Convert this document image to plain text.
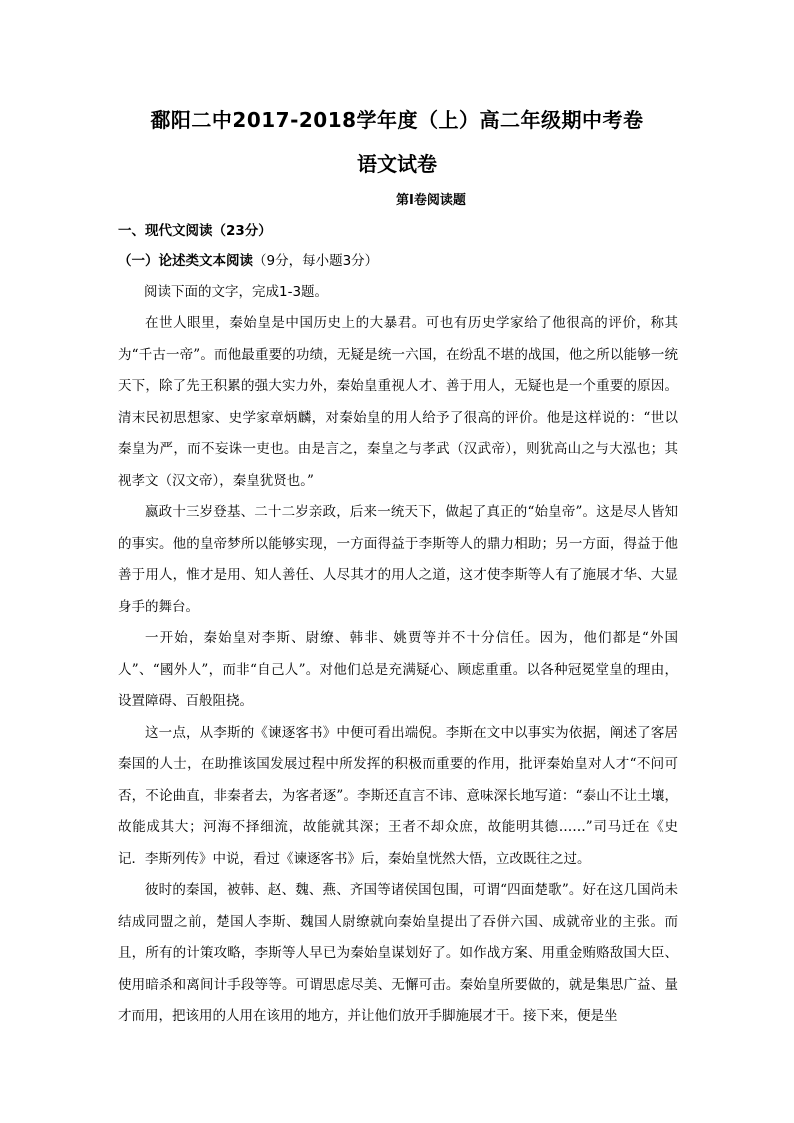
鄱阳二中2017-2018学年度（上）高二年级期中考卷
语文试卷
第Ⅰ卷阅读题
一、现代文阅读（23分）
（一）论述类文本阅读（9分，每小题3分）
阅读下面的文字，完成1-3题。

在世人眼里，秦始皇是中国历史上的大暴君。可也有历史学家给了他很高的评价，称其为“千古一帝”。而他最重要的功绩，无疑是统一六国，在纷乱不堪的战国，他之所以能够一统天下，除了先王积累的强大实力外，秦始皇重视人才、善于用人，无疑也是一个重要的原因。清末民初思想家、史学家章炳麟，对秦始皇的用人给予了很高的评价。他是这样说的：“世以秦皇为严，而不妄诛一吏也。由是言之，秦皇之与孝武（汉武帝），则犹高山之与大泓也；其视孝文（汉文帝），秦皇犹贤也。”

嬴政十三岁登基、二十二岁亲政，后来一统天下，做起了真正的“始皇帝”。这是尽人皆知的事实。他的皇帝梦所以能够实现，一方面得益于李斯等人的鼎力相助；另一方面，得益于他善于用人，惟才是用、知人善任、人尽其才的用人之道，这才使李斯等人有了施展才华、大显身手的舞台。

一开始，秦始皇对李斯、尉缭、韩非、姚贾等并不十分信任。因为，他们都是“外国人”、“國外人”，而非“自己人”。对他们总是充满疑心、顾虑重重。以各种冠冕堂皇的理由，设置障碍、百般阻挠。

这一点，从李斯的《谏逐客书》中便可看出端倪。李斯在文中以事实为依据，阐述了客居秦国的人士，在助推该国发展过程中所发挥的积极而重要的作用，批评秦始皇对人才“不问可否，不论曲直，非秦者去，为客者逐”。李斯还直言不讳、意味深长地写道：“泰山不让土壤，故能成其大；河海不择细流，故能就其深；王者不却众庶，故能明其德……”司马迁在《史记．李斯列传》中说，看过《谏逐客书》后，秦始皇恍然大悟，立改既往之过。

彼时的秦国，被韩、赵、魏、燕、齐国等诸侯国包围，可谓“四面楚歌”。好在这几国尚未结成同盟之前，楚国人李斯、魏国人尉缭就向秦始皇提出了吞併六国、成就帝业的主张。而且，所有的计策攻略，李斯等人早已为秦始皇谋划好了。如作战方案、用重金贿赂敌国大臣、使用暗杀和离间计手段等等。可谓思虑尽美、无懈可击。秦始皇所要做的，就是集思广益、量才而用，把该用的人用在该用的地方，并让他们放开手脚施展才干。接下来，便是坐
